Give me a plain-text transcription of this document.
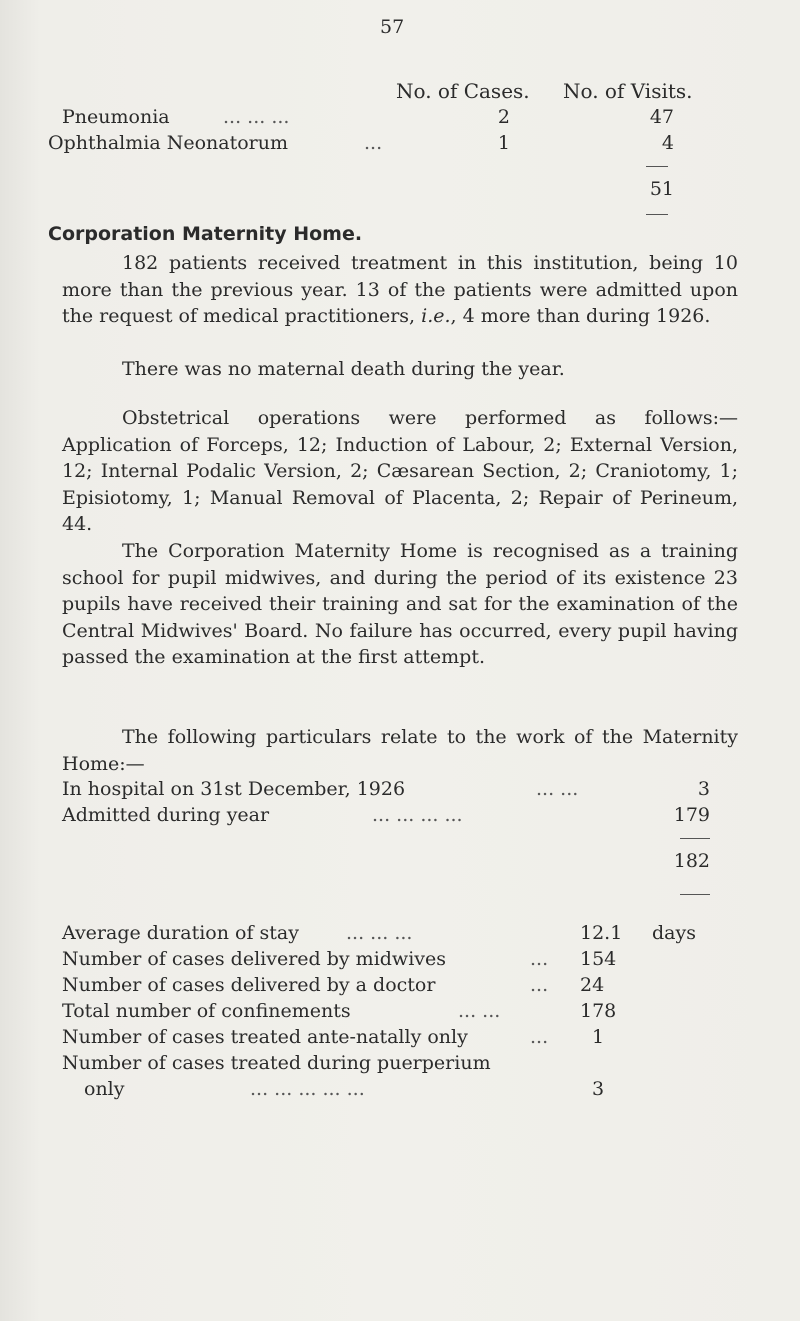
57
No. of Cases. No. of Visits.
Pneumonia	... ... ...	2	47
Ophthalmia Neonatorum	...	1	4
51
Corporation Maternity Home.

182 patients received treatment in this institution, being 10 more than the previous year. 13 of the patients were admitted upon the request of medical practitioners, i.e., 4 more than during 1926.

There was no maternal death during the year.

Obstetrical operations were performed as follows:— Application of Forceps, 12; Induction of Labour, 2; External Version, 12; Internal Podalic Version, 2; Cæsarean Section, 2; Craniotomy, 1; Episiotomy, 1; Manual Removal of Placenta, 2; Repair of Perineum, 44.

The Corporation Maternity Home is recognised as a training school for pupil midwives, and during the period of its existence 23 pupils have received their training and sat for the examination of the Central Midwives' Board. No failure has occurred, every pupil having passed the examination at the first attempt.

The following particulars relate to the work of the Maternity Home:—

In hospital on 31st December, 1926	... ...	3
Admitted during year	... ... ... ...	179
182
Average duration of stay ... ... ...	12.1 days
Number of cases delivered by midwives	... 154
Number of cases delivered by a doctor	... 24
Total number of confinements	... ...	178
Number of cases treated ante-natally only	... 1
Number of cases treated during puerperium
only	... ... ... ... ...	3
